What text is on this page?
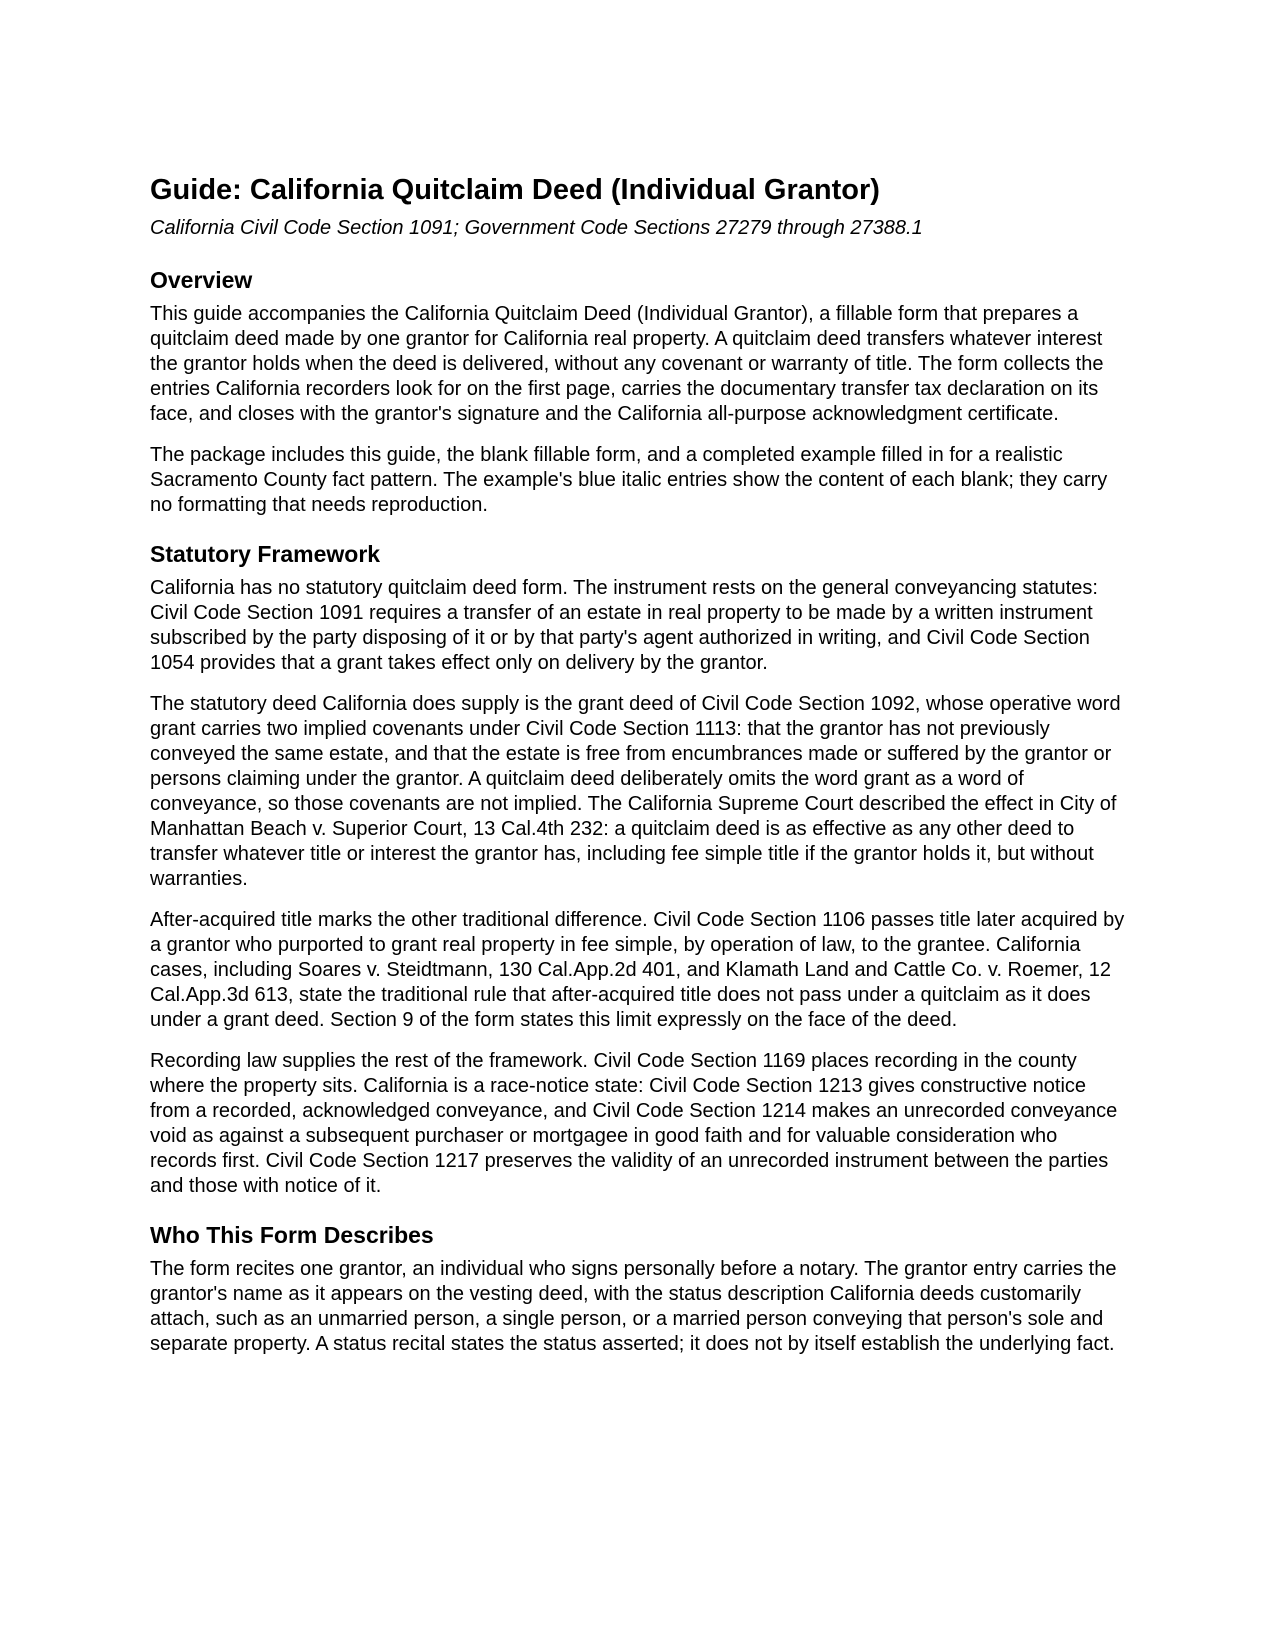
Guide: California Quitclaim Deed (Individual Grantor)
California Civil Code Section 1091; Government Code Sections 27279 through 27388.1
Overview

This guide accompanies the California Quitclaim Deed (Individual Grantor), a fillable form that prepares a quitclaim deed made by one grantor for California real property. A quitclaim deed transfers whatever interest the grantor holds when the deed is delivered, without any covenant or warranty of title. The form collects the entries California recorders look for on the first page, carries the documentary transfer tax declaration on its face, and closes with the grantor's signature and the California all-purpose acknowledgment certificate.

The package includes this guide, the blank fillable form, and a completed example filled in for a realistic Sacramento County fact pattern. The example's blue italic entries show the content of each blank; they carry no formatting that needs reproduction.

Statutory Framework

California has no statutory quitclaim deed form. The instrument rests on the general conveyancing statutes: Civil Code Section 1091 requires a transfer of an estate in real property to be made by a written instrument subscribed by the party disposing of it or by that party's agent authorized in writing, and Civil Code Section 1054 provides that a grant takes effect only on delivery by the grantor.

The statutory deed California does supply is the grant deed of Civil Code Section 1092, whose operative word grant carries two implied covenants under Civil Code Section 1113: that the grantor has not previously conveyed the same estate, and that the estate is free from encumbrances made or suffered by the grantor or persons claiming under the grantor. A quitclaim deed deliberately omits the word grant as a word of conveyance, so those covenants are not implied. The California Supreme Court described the effect in City of Manhattan Beach v. Superior Court, 13 Cal.4th 232: a quitclaim deed is as effective as any other deed to transfer whatever title or interest the grantor has, including fee simple title if the grantor holds it, but without warranties.

After-acquired title marks the other traditional difference. Civil Code Section 1106 passes title later acquired by a grantor who purported to grant real property in fee simple, by operation of law, to the grantee. California cases, including Soares v. Steidtmann, 130 Cal.App.2d 401, and Klamath Land and Cattle Co. v. Roemer, 12 Cal.App.3d 613, state the traditional rule that after-acquired title does not pass under a quitclaim as it does under a grant deed. Section 9 of the form states this limit expressly on the face of the deed.

Recording law supplies the rest of the framework. Civil Code Section 1169 places recording in the county where the property sits. California is a race-notice state: Civil Code Section 1213 gives constructive notice from a recorded, acknowledged conveyance, and Civil Code Section 1214 makes an unrecorded conveyance void as against a subsequent purchaser or mortgagee in good faith and for valuable consideration who records first. Civil Code Section 1217 preserves the validity of an unrecorded instrument between the parties and those with notice of it.

Who This Form Describes

The form recites one grantor, an individual who signs personally before a notary. The grantor entry carries the grantor's name as it appears on the vesting deed, with the status description California deeds customarily attach, such as an unmarried person, a single person, or a married person conveying that person's sole and separate property. A status recital states the status asserted; it does not by itself establish the underlying fact.
